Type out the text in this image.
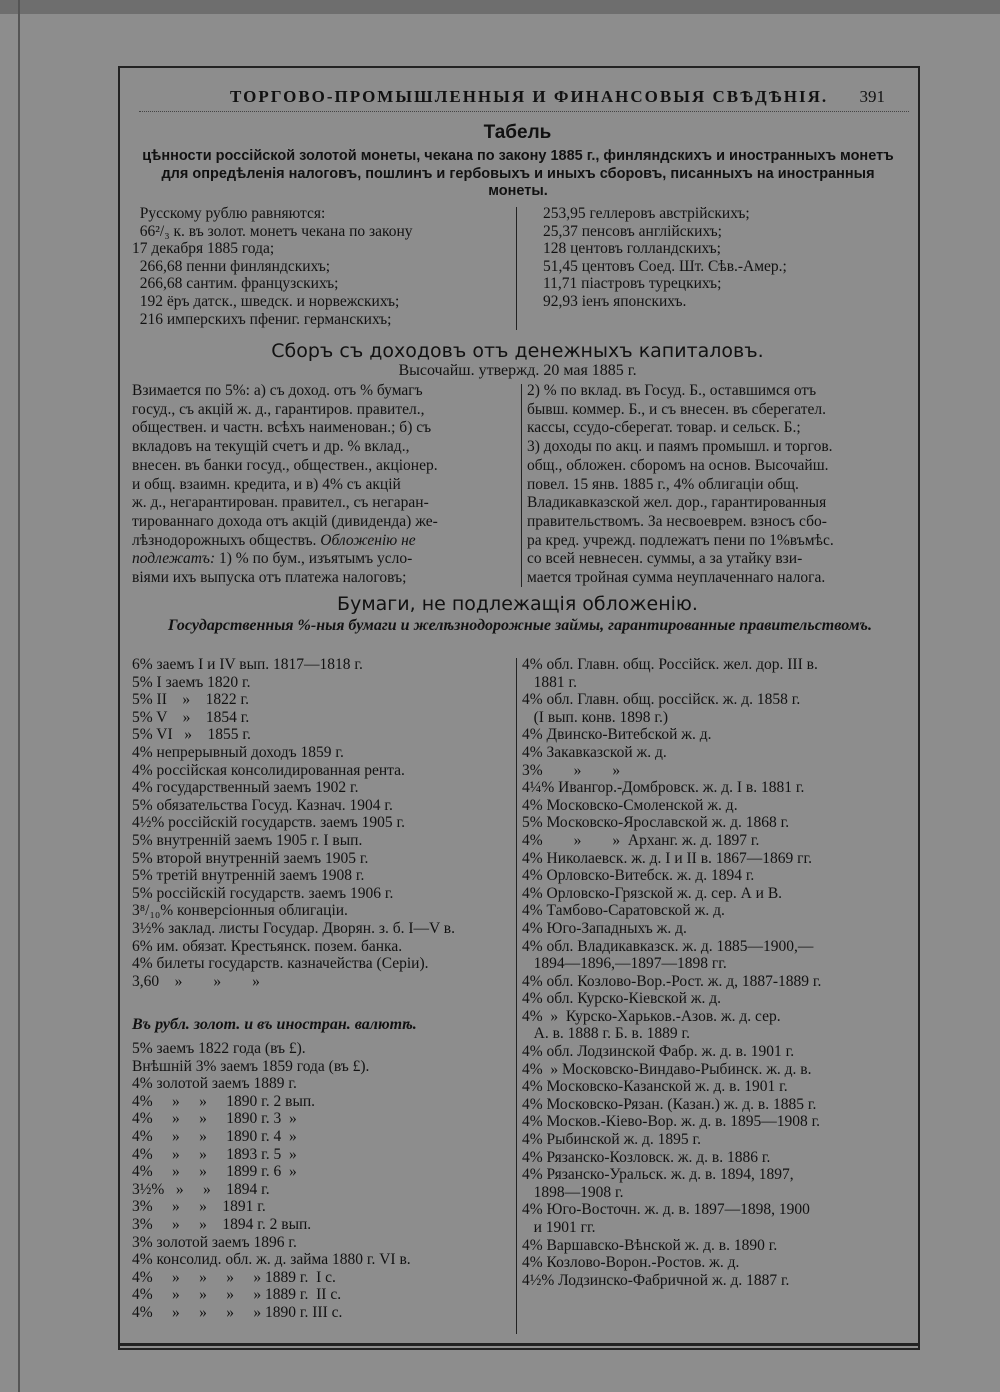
ТОРГОВО-ПРОМЫШЛЕННЫЯ И ФИНАНСОВЫЯ СВѢДѢНІЯ.	391
Табель
цѣнности россійской золотой монеты, чекана по закону 1885 г., финляндскихъ и иностранныхъ монетъ для опредѣленія налоговъ, пошлинъ и гербовыхъ и иныхъ сборовъ, писанныхъ на иностранныя монеты.
Русскому рублю равняются:
66²/₃ к. въ золот. монетъ чекана по закону
17 декабря 1885 года;
266,68 пенни финляндскихъ;
266,68 сантим. французскихъ;
192 ёръ датск., шведск. и норвежскихъ;
216 имперскихъ пфениг. германскихъ;
253,95 геллеровъ австрійскихъ;
25,37 пенсовъ англійскихъ;
128 центовъ голландскихъ;
51,45 центовъ Соед. Шт. Сѣв.-Амер.;
11,71 піастровъ турецкихъ;
92,93 іенъ японскихъ.
Сборъ съ доходовъ отъ денежныхъ капиталовъ.
Высочайш. утвержд. 20 мая 1885 г.
Взимается по 5%: а) съ доход. отъ % бумагъ
госуд., съ акцій ж. д., гарантиров. правител.,
обществен. и частн. всѣхъ наименован.; б) съ
вкладовъ на текущій счетъ и др. % вклад.,
внесен. въ банки госуд., обществен., акціонер.
и общ. взаимн. кредита, и в) 4% съ акцій
ж. д., негарантирован. правител., съ негаран-
тированнаго дохода отъ акцій (дивиденда) же-
лѣзнодорожныхъ обществъ. Обложенію не
подлежатъ: 1) % по бум., изъятымъ усло-
віями ихъ выпуска отъ платежа налоговъ;
2) % по вклад. въ Госуд. Б., оставшимся отъ
бывш. коммер. Б., и съ внесен. въ сберегател.
кассы, ссудо-сберегат. товар. и сельск. Б.;
3) доходы по акц. и паямъ промышл. и торгов.
общ., обложен. сборомъ на основ. Высочайш.
повел. 15 янв. 1885 г., 4% облигаціи общ.
Владикавказской жел. дор., гарантированныя
правительствомъ. За несвоеврем. взносъ сбо-
ра кред. учрежд. подлежатъ пени по 1%въмѣс.
со всей невнесен. суммы, а за утайку взи-
мается тройная сумма неуплаченнаго налога.
Бумаги, не подлежащія обложенію.
Государственныя %-ныя бумаги и желѣзнодорожные займы, гарантированные правительствомъ.
6% заемъ I и IV вып. 1817—1818 г.
5% I заемъ 1820 г.
5% II    »    1822 г.
5% V    »    1854 г.
5% VI   »    1855 г.
4% непрерывный доходъ 1859 г.
4% россійская консолидированная рента.
4% государственный заемъ 1902 г.
5% обязательства Госуд. Казнач. 1904 г.
4½% россійскій государств. заемъ 1905 г.
5% внутренній заемъ 1905 г. I вып.
5% второй внутренній заемъ 1905 г.
5% третій внутренній заемъ 1908 г.
5% россійскій государств. заемъ 1906 г.
3⁸/₁₀% конверсіонныя облигаціи.
3½% заклад. листы Государ. Дворян. з. б. I—V в.
6% им. обязат. Крестьянск. позем. банка.
4% билеты государств. казначейства (Серіи).
3,60    »        »        »
Въ рубл. золот. и въ иностран. валютѣ.
5% заемъ 1822 года (въ £).
Внѣшній 3% заемъ 1859 года (въ £).
4% золотой заемъ 1889 г.
4%     »     »     1890 г. 2 вып.
4%     »     »     1890 г. 3  »
4%     »     »     1890 г. 4  »
4%     »     »     1893 г. 5  »
4%     »     »     1899 г. 6  »
3½%   »     »    1894 г.
3%     »     »    1891 г.
3%     »     »    1894 г. 2 вып.
3% золотой заемъ 1896 г.
4% консолид. обл. ж. д. займа 1880 г. VI в.
4%     »     »     »     » 1889 г.  I с.
4%     »     »     »     » 1889 г.  II с.
4%     »     »     »     » 1890 г. III с.
4% обл. Главн. общ. Россійск. жел. дор. III в.
1881 г.
4% обл. Главн. общ. россійск. ж. д. 1858 г.
(I вып. конв. 1898 г.)
4% Двинско-Витебской ж. д.
4% Закавказской ж. д.
3%        »        »
4¼% Ивангор.-Домбровск. ж. д. I в. 1881 г.
4% Московско-Смоленской ж. д.
5% Московско-Ярославской ж. д. 1868 г.
4%        »        »  Арханг. ж. д. 1897 г.
4% Николаевск. ж. д. I и II в. 1867—1869 гг.
4% Орловско-Витебск. ж. д. 1894 г.
4% Орловско-Грязской ж. д. сер. А и В.
4% Тамбово-Саратовской ж. д.
4% Юго-Западныхъ ж. д.
4% обл. Владикавказск. ж. д. 1885—1900,—
1894—1896,—1897—1898 гг.
4% обл. Козлово-Вор.-Рост. ж. д, 1887-1889 г.
4% обл. Курско-Кіевской ж. д.
4%  »  Курско-Харьков.-Азов. ж. д. сер.
А. в. 1888 г. Б. в. 1889 г.
4% обл. Лодзинской Фабр. ж. д. в. 1901 г.
4%  » Московско-Виндаво-Рыбинск. ж. д. в.
4% Московско-Казанской ж. д. в. 1901 г.
4% Московско-Рязан. (Казан.) ж. д. в. 1885 г.
4% Москов.-Кіево-Вор. ж. д. в. 1895—1908 г.
4% Рыбинской ж. д. 1895 г.
4% Рязанско-Козловск. ж. д. в. 1886 г.
4% Рязанско-Уральск. ж. д. в. 1894, 1897,
1898—1908 г.
4% Юго-Восточн. ж. д. в. 1897—1898, 1900
и 1901 гг.
4% Варшавско-Вѣнской ж. д. в. 1890 г.
4% Козлово-Ворон.-Ростов. ж. д.
4½% Лодзинско-Фабричной ж. д. 1887 г.
